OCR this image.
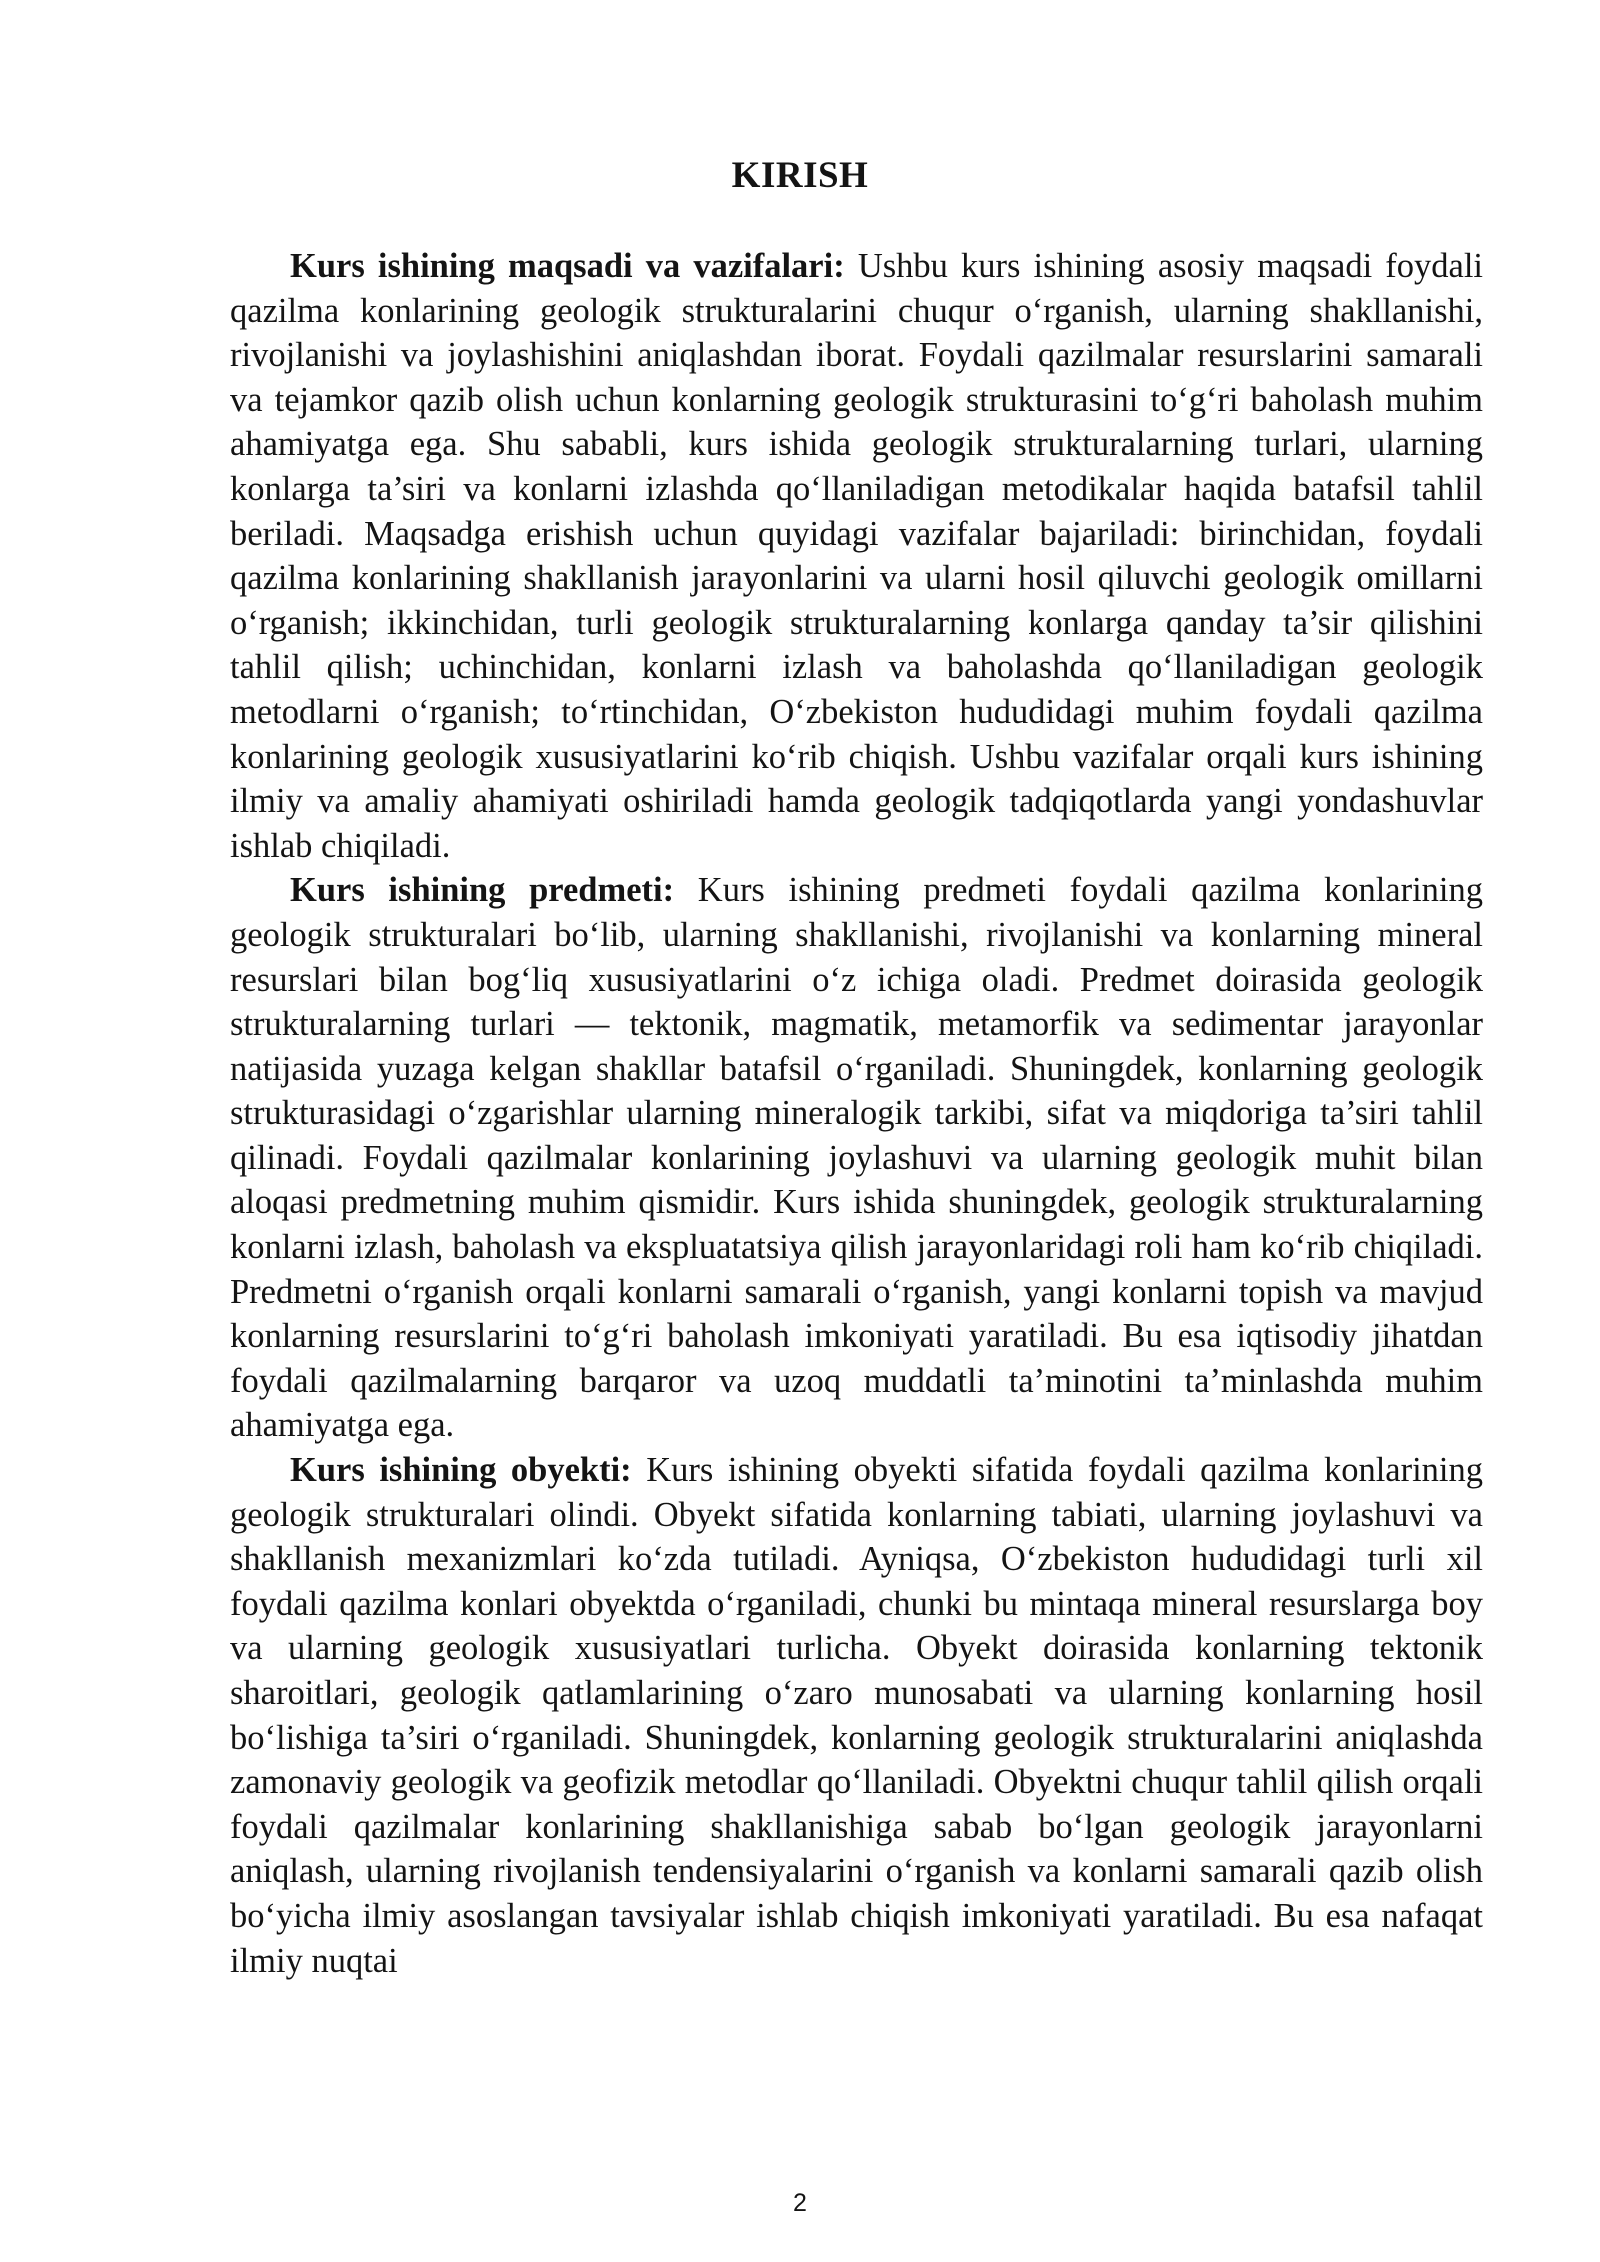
KIRISH

Kurs ishining maqsadi va vazifalari: Ushbu kurs ishining asosiy maqsadi foydali qazilma konlarining geologik strukturalarini chuqur o‘rganish, ularning shakllanishi, rivojlanishi va joylashishini aniqlashdan iborat. Foydali qazilmalar resurslarini samarali va tejamkor qazib olish uchun konlarning geologik strukturasini to‘g‘ri baholash muhim ahamiyatga ega. Shu sababli, kurs ishida geologik strukturalarning turlari, ularning konlarga ta’siri va konlarni izlashda qo‘llaniladigan metodikalar haqida batafsil tahlil beriladi. Maqsadga erishish uchun quyidagi vazifalar bajariladi: birinchidan, foydali qazilma konlarining shakllanish jarayonlarini va ularni hosil qiluvchi geologik omillarni o‘rganish; ikkinchidan, turli geologik strukturalarning konlarga qanday ta’sir qilishini tahlil qilish; uchinchidan, konlarni izlash va baholashda qo‘llaniladigan geologik metodlarni o‘rganish; to‘rtinchidan, O‘zbekiston hududidagi muhim foydali qazilma konlarining geologik xususiyatlarini ko‘rib chiqish. Ushbu vazifalar orqali kurs ishining ilmiy va amaliy ahamiyati oshiriladi hamda geologik tadqiqotlarda yangi yondashuvlar ishlab chiqiladi.

Kurs ishining predmeti: Kurs ishining predmeti foydali qazilma konlarining geologik strukturalari bo‘lib, ularning shakllanishi, rivojlanishi va konlarning mineral resurslari bilan bog‘liq xususiyatlarini o‘z ichiga oladi. Predmet doirasida geologik strukturalarning turlari — tektonik, magmatik, metamorfik va sedimentar jarayonlar natijasida yuzaga kelgan shakllar batafsil o‘rganiladi. Shuningdek, konlarning geologik strukturasidagi o‘zgarishlar ularning mineralogik tarkibi, sifat va miqdoriga ta’siri tahlil qilinadi. Foydali qazilmalar konlarining joylashuvi va ularning geologik muhit bilan aloqasi predmetning muhim qismidir. Kurs ishida shuningdek, geologik strukturalarning konlarni izlash, baholash va ekspluatatsiya qilish jarayonlaridagi roli ham ko‘rib chiqiladi. Predmetni o‘rganish orqali konlarni samarali o‘rganish, yangi konlarni topish va mavjud konlarning resurslarini to‘g‘ri baholash imkoniyati yaratiladi. Bu esa iqtisodiy jihatdan foydali qazilmalarning barqaror va uzoq muddatli ta’minotini ta’minlashda muhim ahamiyatga ega.

Kurs ishining obyekti: Kurs ishining obyekti sifatida foydali qazilma konlarining geologik strukturalari olindi. Obyekt sifatida konlarning tabiati, ularning joylashuvi va shakllanish mexanizmlari ko‘zda tutiladi. Ayniqsa, O‘zbekiston hududidagi turli xil foydali qazilma konlari obyektda o‘rganiladi, chunki bu mintaqa mineral resurslarga boy va ularning geologik xususiyatlari turlicha. Obyekt doirasida konlarning tektonik sharoitlari, geologik qatlamlarining o‘zaro munosabati va ularning konlarning hosil bo‘lishiga ta’siri o‘rganiladi. Shuningdek, konlarning geologik strukturalarini aniqlashda zamonaviy geologik va geofizik metodlar qo‘llaniladi. Obyektni chuqur tahlil qilish orqali foydali qazilmalar konlarining shakllanishiga sabab bo‘lgan geologik jarayonlarni aniqlash, ularning rivojlanish tendensiyalarini o‘rganish va konlarni samarali qazib olish bo‘yicha ilmiy asoslangan tavsiyalar ishlab chiqish imkoniyati yaratiladi. Bu esa nafaqat ilmiy nuqtai

2
